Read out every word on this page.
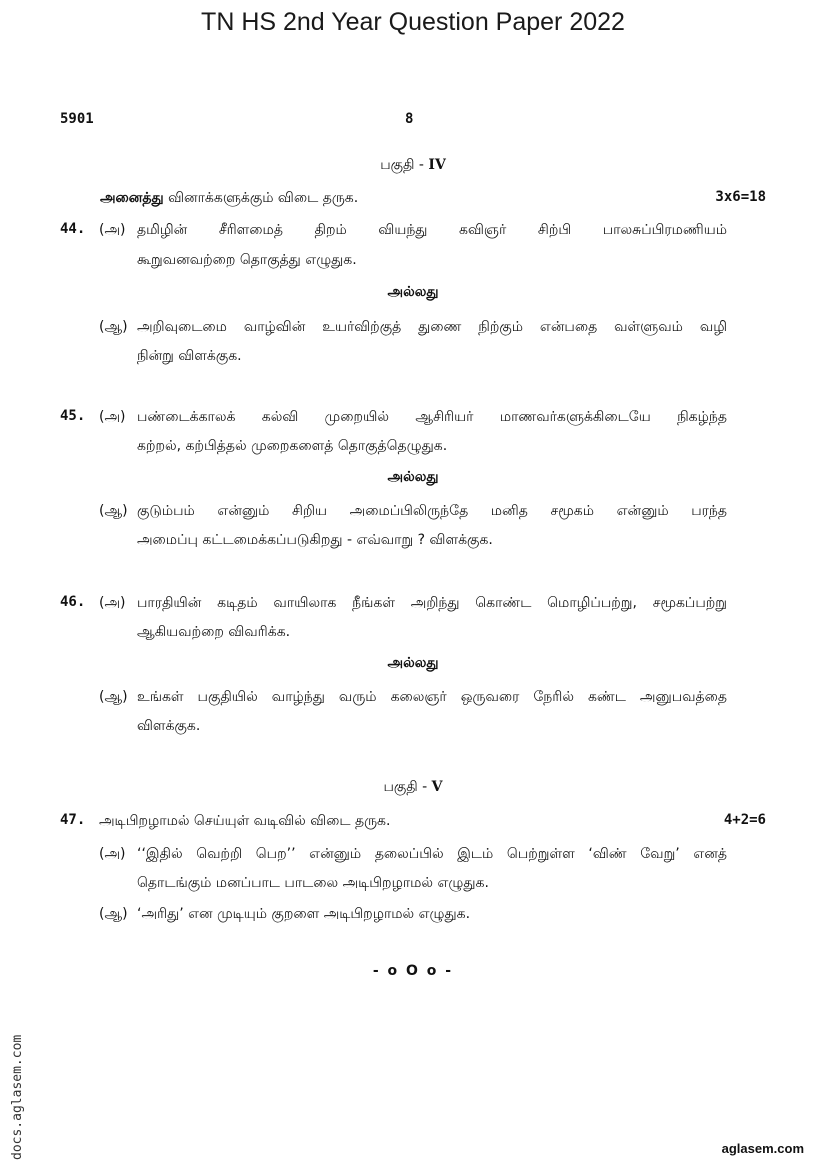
TN HS 2nd Year Question Paper 2022
5901	8
பகுதி - IV
அனைத்து வினாக்களுக்கும் விடை தருக.	3x6=18
44. (அ) தமிழின் சீரிளமைத் திறம் வியந்து கவிஞர் சிற்பி பாலசுப்பிரமணியம்
கூறுவனவற்றை தொகுத்து எழுதுக.
அல்லது
(ஆ) அறிவுடைமை வாழ்வின் உயர்விற்குத் துணை நிற்கும் என்பதை வள்ளுவம் வழி
நின்று விளக்குக.
45. (அ) பண்டைக்காலக் கல்வி முறையில் ஆசிரியர் மாணவர்களுக்கிடையே நிகழ்ந்த
கற்றல், கற்பித்தல் முறைகளைத் தொகுத்தெழுதுக.
அல்லது
(ஆ) குடும்பம் என்னும் சிறிய அமைப்பிலிருந்தே மனித சமூகம் என்னும் பரந்த
அமைப்பு கட்டமைக்கப்படுகிறது - எவ்வாறு ? விளக்குக.
46. (அ) பாரதியின் கடிதம் வாயிலாக நீங்கள் அறிந்து கொண்ட மொழிப்பற்று, சமூகப்பற்று
ஆகியவற்றை விவரிக்க.
அல்லது
(ஆ) உங்கள் பகுதியில் வாழ்ந்து வரும் கலைஞர் ஒருவரை நேரில் கண்ட அனுபவத்தை
விளக்குக.
பகுதி - V
47. அடிபிறழாமல் செய்யுள் வடிவில் விடை தருக.	4+2=6
(அ) ‘‘இதில் வெற்றி பெற’’ என்னும் தலைப்பில் இடம் பெற்றுள்ள ‘விண் வேறு’ எனத்
தொடங்கும் மனப்பாட பாடலை அடிபிறழாமல் எழுதுக.
(ஆ) ‘அரிது’ என முடியும் குறளை அடிபிறழாமல் எழுதுக.
- o O o -
docs.aglasem.com	aglasem.com
